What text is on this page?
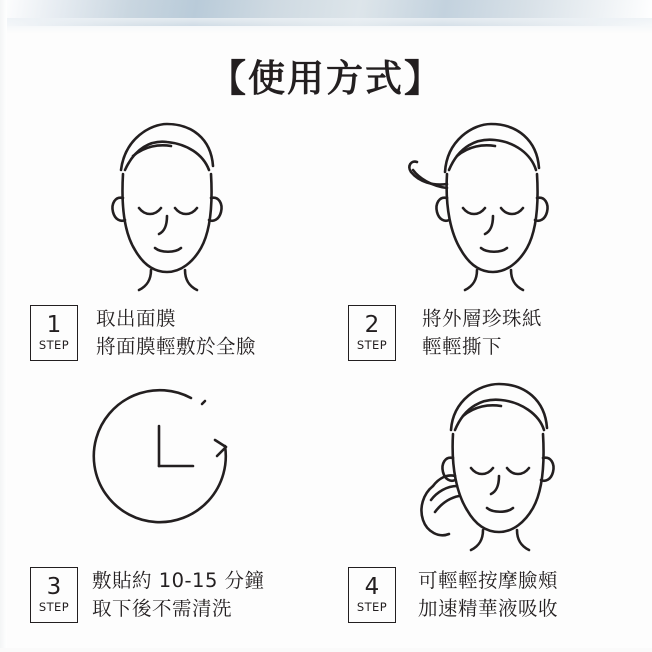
【使用方式】
1
STEP
取出面膜
將面膜輕敷於全臉
2
STEP
將外層珍珠紙
輕輕撕下
3
STEP
敷貼約 10-15 分鐘
取下後不需清洗
4
STEP
可輕輕按摩臉頰
加速精華液吸收
